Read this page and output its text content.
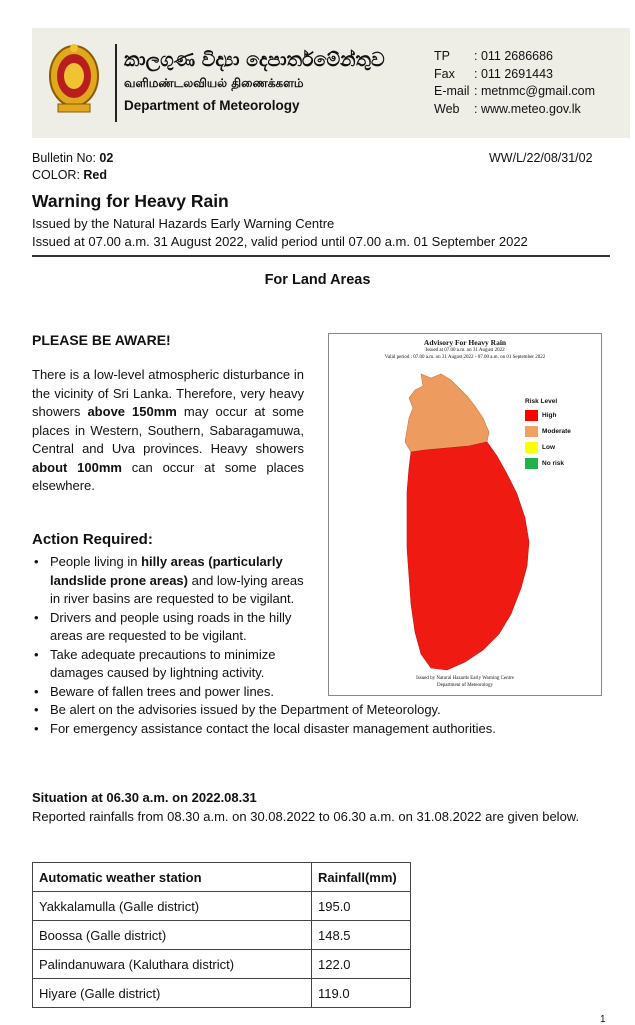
කාලගුණ විද්‍යා දෙපාර්තමේන්තුව
வளிமண்டலவியல் திணைக்களம்
Department of Meteorology
TP	: 011 2686686
Fax	: 011 2691443
E-mail : metnmc@gmail.com
Web	: www.meteo.gov.lk
Bulletin No: 02
COLOR: Red
WW/L/22/08/31/02
Warning for Heavy Rain
Issued by the Natural Hazards Early Warning Centre
Issued at 07.00 a.m. 31 August 2022, valid period until 07.00 a.m. 01 September 2022
For Land Areas
PLEASE BE AWARE!
There is a low-level atmospheric disturbance in the vicinity of Sri Lanka. Therefore, very heavy showers above 150mm may occur at some places in Western, Southern, Sabaragamuwa, Central and Uva provinces. Heavy showers about 100mm can occur at some places elsewhere.
Action Required:
• People living in hilly areas (particularly landslide prone areas) and low-lying areas in river basins are requested to be vigilant.
• Drivers and people using roads in the hilly areas are requested to be vigilant.
• Take adequate precautions to minimize damages caused by lightning activity.
• Beware of fallen trees and power lines.
• Be alert on the advisories issued by the Department of Meteorology.
• For emergency assistance contact the local disaster management authorities.
Advisory For Heavy Rain
Issued at 07.00 a.m. on 31 August 2022
Valid period : 07.00 a.m. on 31 August 2022 - 07.00 a.m. on 01 September 2022
Risk Level
High
Moderate
Low
No risk
Issued by Natural Hazards Early Warning Centre
Department of Meteorology
Situation at 06.30 a.m. on 2022.08.31
Reported rainfalls from 08.30 a.m. on 30.08.2022 to 06.30 a.m. on 31.08.2022 are given below.
Automatic weather station	Rainfall(mm)
Yakkalamulla (Galle district)	195.0
Boossa (Galle district)	148.5
Palindanuwara (Kaluthara district)	122.0
Hiyare (Galle district)	119.0
1
